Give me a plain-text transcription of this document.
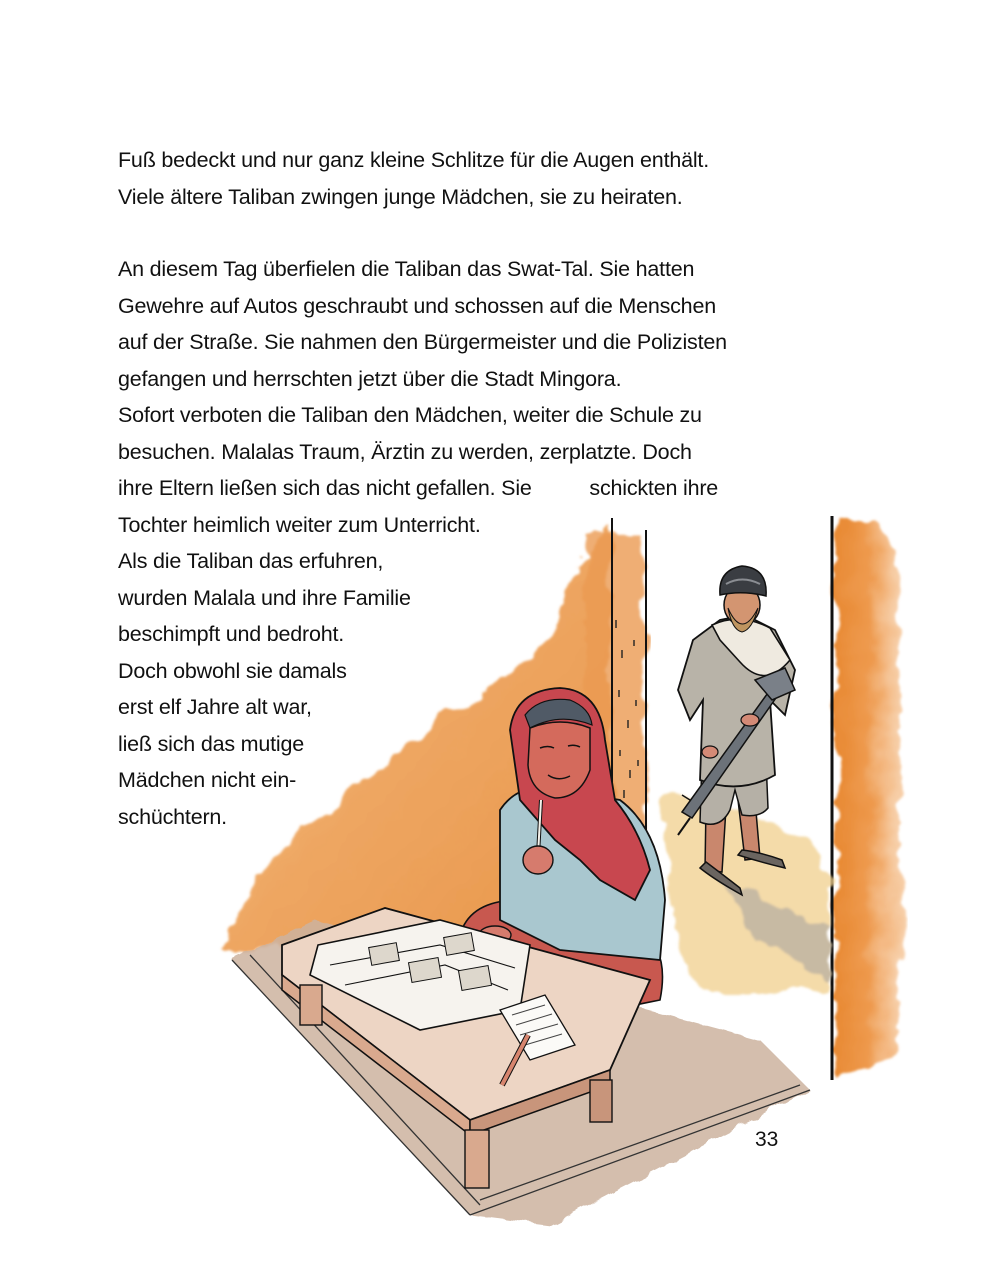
Fuß bedeckt und nur ganz kleine Schlitze für die Augen enthält.
Viele ältere Taliban zwingen junge Mädchen, sie zu heiraten.
An diesem Tag überfielen die Taliban das Swat-Tal. Sie hatten
Gewehre auf Autos geschraubt und schossen auf die Menschen
auf der Straße. Sie nahmen den Bürgermeister und die Polizisten
gefangen und herrschten jetzt über die Stadt Mingora.
Sofort verboten die Taliban den Mädchen, weiter die Schule zu
besuchen. Malalas Traum, Ärztin zu werden, zerplatzte. Doch
ihre Eltern ließen sich das nicht gefallen. Sie          schickten ihre
Tochter heimlich weiter zum Unterricht.
Als die Taliban das erfuhren,
wurden Malala und ihre Familie
beschimpft und bedroht.
Doch obwohl sie damals
erst elf Jahre alt war,
ließ sich das mutige
Mädchen nicht ein-
schüchtern.
33
